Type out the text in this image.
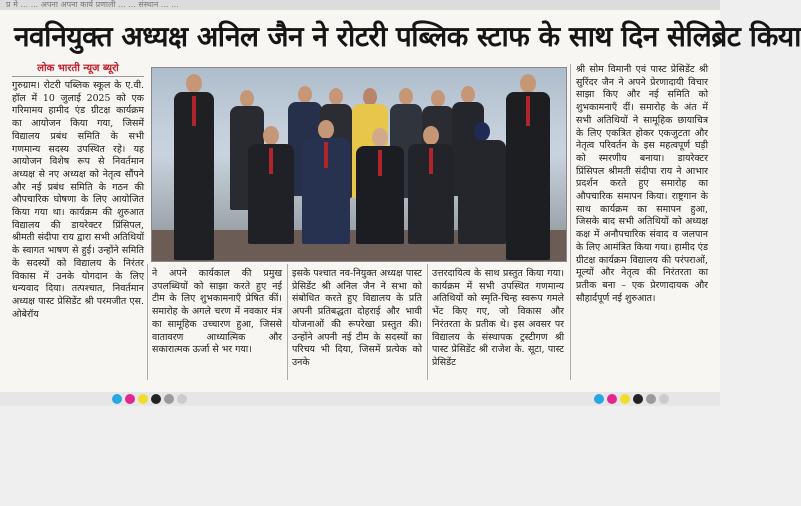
प्र मे ... ... अपना अपना कार्य प्रणाली ... ... संस्थान ... ...
नवनियुक्त अध्यक्ष अनिल जैन ने रोटरी पब्लिक स्टाफ के साथ दिन सेलिब्रेट किया
लोक भारती न्यूज ब्यूरो
गुरुग्राम। रोटरी पब्लिक स्कूल के ए.वी. हॉल में 10 जुलाई 2025 को एक गरिमामय हामीद एंड ग्रीटक्ष कार्यक्रम का आयोजन किया गया, जिसमें विद्यालय प्रबंध समिति के सभी गणमान्य सदस्य उपस्थित रहे। यह आयोजन विशेष रूप से निवर्तमान अध्यक्ष से नए अध्यक्ष को नेतृत्व सौंपने और नई प्रबंध समिति के गठन की औपचारिक घोषणा के लिए आयोजित किया गया था। कार्यक्रम की शुरुआत विद्यालय की डायरेक्टर प्रिंसिपल, श्रीमती संदीपा राय द्वारा सभी अतिथियों के स्वागत भाषण से हुई। उन्होंने समिति के सदस्यों को विद्यालय के निरंतर विकास में उनके योगदान के लिए धन्यवाद दिया। तत्पश्चात, निवर्तमान अध्यक्ष पास्ट प्रेसिडेंट श्री परमजीत एस. ओबेरॉय
ने अपने कार्यकाल की प्रमुख उपलब्धियों को साझा करते हुए नई टीम के लिए शुभकामनाएँ प्रेषित कीं। समारोह के अगले चरण में नवकार मंत्र का सामूहिक उच्चारण हुआ, जिससे वातावरण आध्यात्मिक और सकारात्मक ऊर्जा से भर गया।
इसके पश्चात नव-नियुक्त अध्यक्ष पास्ट प्रेसिडेंट श्री अनिल जैन ने सभा को संबोधित करते हुए विद्यालय के प्रति अपनी प्रतिबद्धता दोहराई और भावी योजनाओं की रूपरेखा प्रस्तुत की। उन्होंने अपनी नई टीम के सदस्यों का परिचय भी दिया, जिसमें प्रत्येक को उनके
उत्तरदायित्व के साथ प्रस्तुत किया गया। कार्यक्रम में सभी उपस्थित गणमान्य अतिथियों को स्मृति-चिन्ह स्वरूप गमले भेंट किए गए, जो विकास और निरंतरता के प्रतीक थे। इस अवसर पर विद्यालय के संस्थापक ट्रस्टीगण श्री पास्ट प्रेसिडेंट श्री राजेश के. सूटा, पास्ट प्रेसिडेंट
श्री सोम विमानी एवं पास्ट प्रेसिडेंट श्री सुरिंदर जैन ने अपने प्रेरणादायी विचार साझा किए और नई समिति को शुभकामनाएँ दीं। समारोह के अंत में सभी अतिथियों ने सामूहिक छायाचित्र के लिए एकत्रित होकर एकजुटता और नेतृत्व परिवर्तन के इस महत्वपूर्ण घड़ी को स्मरणीय बनाया। डायरेक्टर प्रिंसिपल श्रीमती संदीपा राय ने आभार प्रदर्शन करते हुए समारोह का औपचारिक समापन किया। राष्ट्रगान के साथ कार्यक्रम का समापन हुआ, जिसके बाद सभी अतिथियों को अध्यक्ष कक्ष में अनौपचारिक संवाद व जलपान के लिए आमंत्रित किया गया। हामीद एंड ग्रीटक्ष कार्यक्रम विद्यालय की परंपराओं, मूल्यों और नेतृत्व की निरंतरता का प्रतीक बना – एक प्रेरणादायक और सौहार्दपूर्ण नई शुरुआत।
